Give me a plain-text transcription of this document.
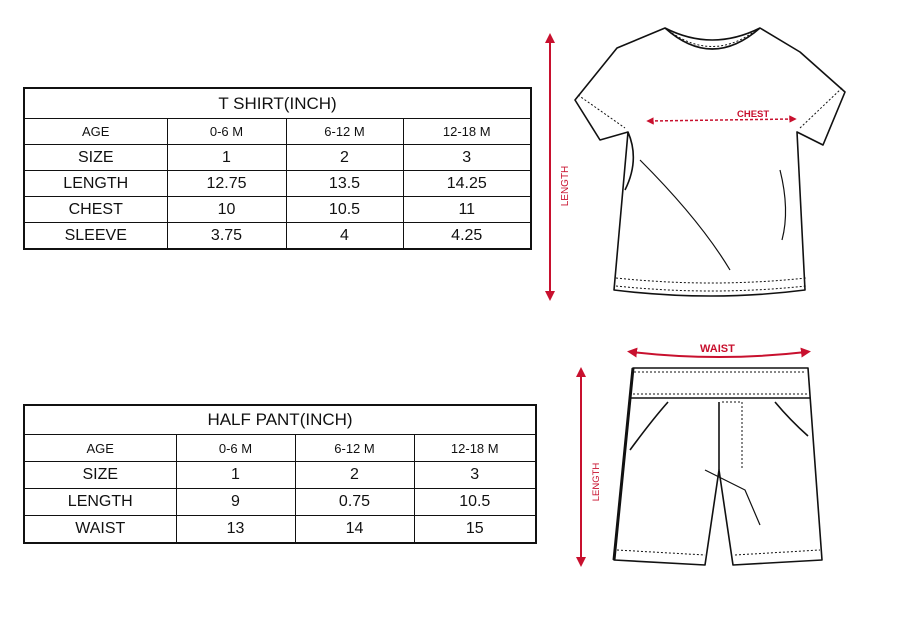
T SHIRT(INCH)			
AGE	0-6 M	6-12 M	12-18 M
SIZE	1	2	3
LENGTH	12.75	13.5	14.25
CHEST	10	10.5	11
SLEEVE	3.75	4	4.25
HALF PANT(INCH)			
AGE	0-6 M	6-12 M	12-18 M
SIZE	1	2	3
LENGTH	9	0.75	10.5
WAIST	13	14	15
CHEST
LENGTH
WAIST
LENGTH
